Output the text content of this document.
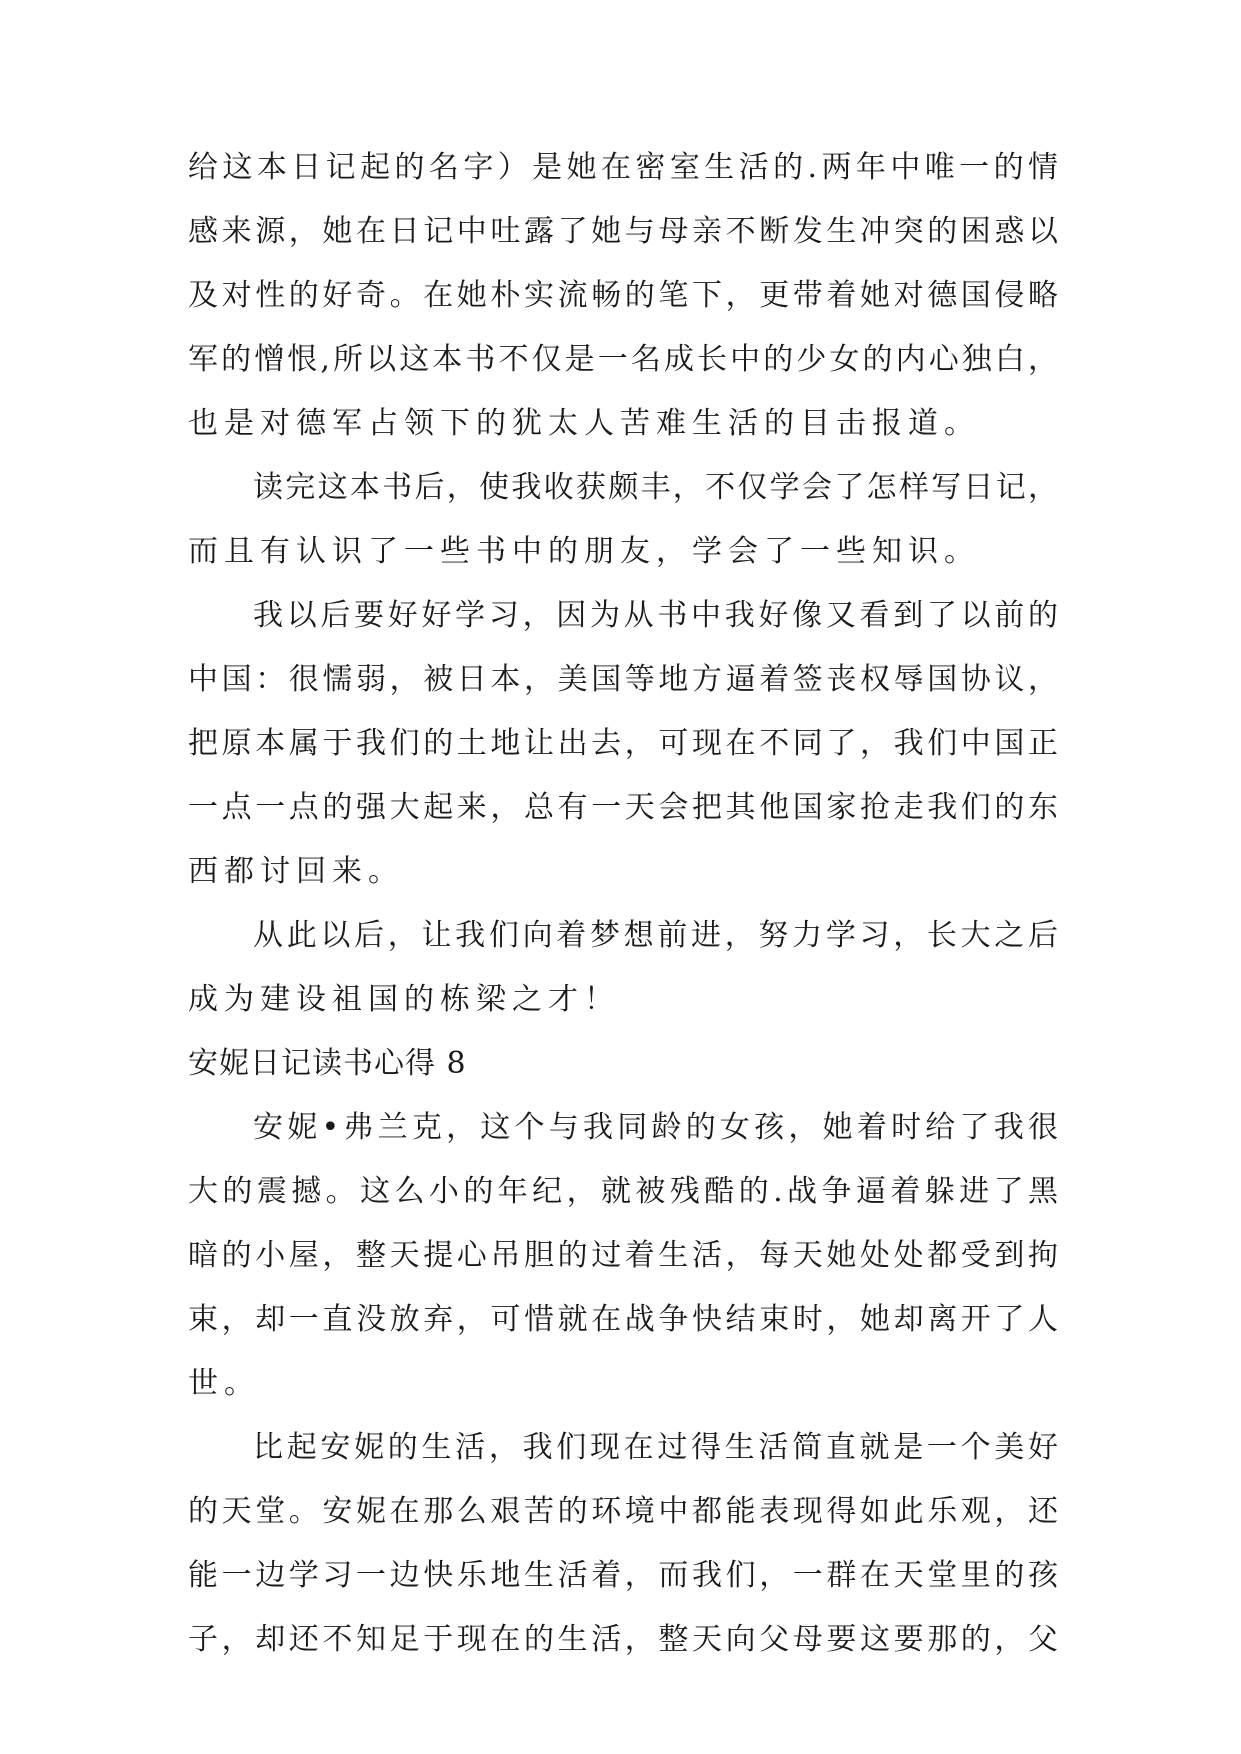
给这本日记起的名字）是她在密室生活的.两年中唯一的情
感来源，她在日记中吐露了她与母亲不断发生冲突的困惑以
及对性的好奇。在她朴实流畅的笔下，更带着她对德国侵略
军的憎恨,所以这本书不仅是一名成长中的少女的内心独白，
也是对德军占领下的犹太人苦难生活的目击报道。
读完这本书后，使我收获颇丰，不仅学会了怎样写日记，
而且有认识了一些书中的朋友，学会了一些知识。
我以后要好好学习，因为从书中我好像又看到了以前的
中国：很懦弱，被日本，美国等地方逼着签丧权辱国协议，
把原本属于我们的土地让出去，可现在不同了，我们中国正
一点一点的强大起来，总有一天会把其他国家抢走我们的东
西都讨回来。
从此以后，让我们向着梦想前进，努力学习，长大之后
成为建设祖国的栋梁之才！
安妮日记读书心得 8
安妮•弗兰克，这个与我同龄的女孩，她着时给了我很
大的震撼。这么小的年纪，就被残酷的.战争逼着躲进了黑
暗的小屋，整天提心吊胆的过着生活，每天她处处都受到拘
束，却一直没放弃，可惜就在战争快结束时，她却离开了人
世。
比起安妮的生活，我们现在过得生活简直就是一个美好
的天堂。安妮在那么艰苦的环境中都能表现得如此乐观，还
能一边学习一边快乐地生活着，而我们，一群在天堂里的孩
子，却还不知足于现在的生活，整天向父母要这要那的，父
